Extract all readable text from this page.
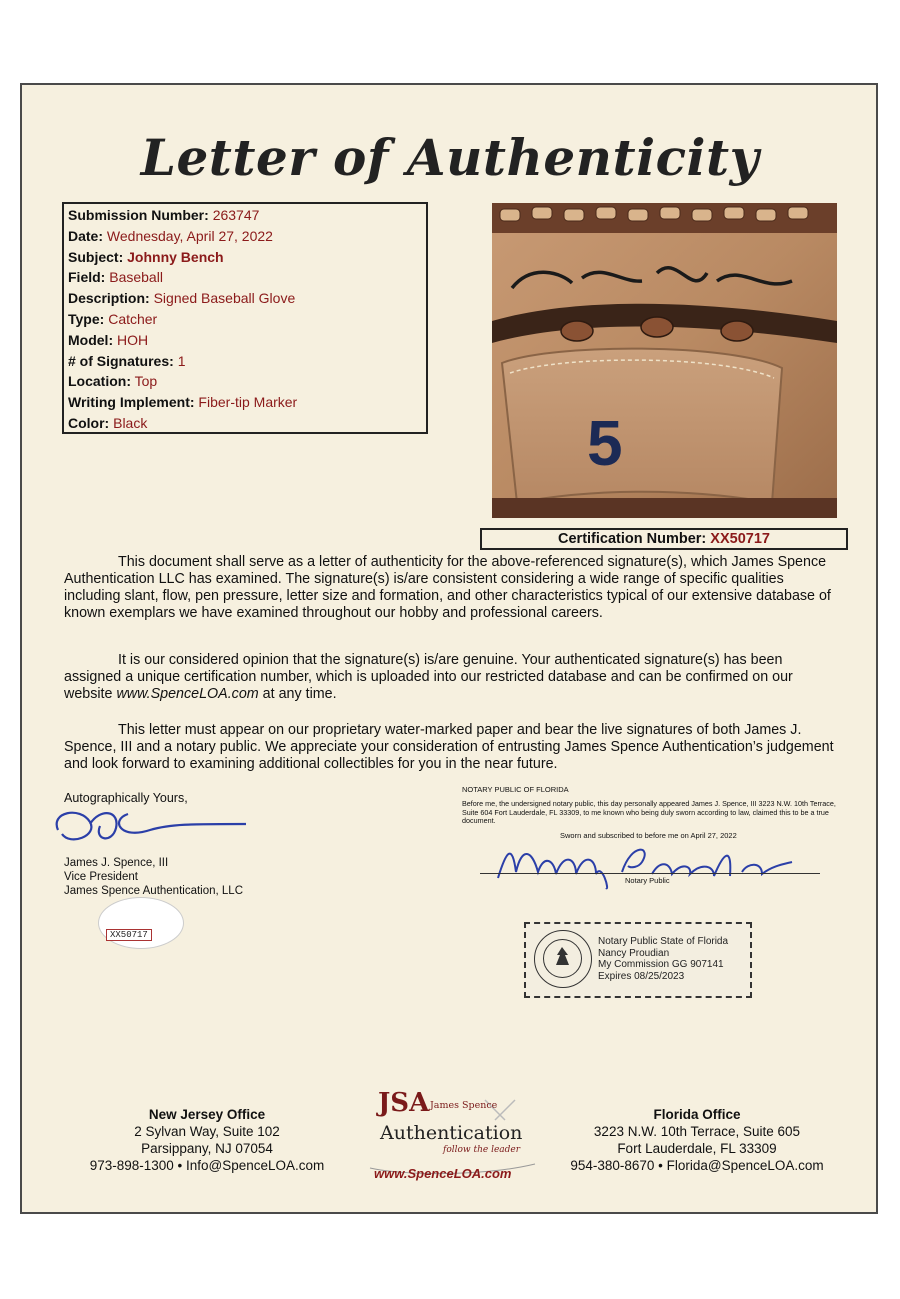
Letter of Authenticity
Submission Number: 263747
Date: Wednesday, April 27, 2022
Subject: Johnny Bench
Field: Baseball
Description: Signed Baseball Glove
Type: Catcher
Model: HOH
# of Signatures: 1
Location: Top
Writing Implement: Fiber-tip Marker
Color: Black	5
Certification Number: XX50717
This document shall serve as a letter of authenticity for the above-referenced signature(s), which James Spence Authentication LLC has examined. The signature(s) is/are consistent considering a wide range of specific qualities including slant, flow, pen pressure, letter size and formation, and other characteristics typical of our extensive database of known exemplars we have examined throughout our hobby and professional careers.
It is our considered opinion that the signature(s) is/are genuine. Your authenticated signature(s) has been assigned a unique certification number, which is uploaded into our restricted database and can be confirmed on our website www.SpenceLOA.com at any time.
This letter must appear on our proprietary water-marked paper and bear the live signatures of both James J. Spence, III and a notary public. We appreciate your consideration of entrusting James Spence Authentication’s judgement and look forward to examining additional collectibles for you in the near future.
Autographically Yours,
James J. Spence, III
Vice President
James Spence Authentication, LLC
XX50717
NOTARY PUBLIC OF FLORIDA
Before me, the undersigned notary public, this day personally appeared James J. Spence, III 3223 N.W. 10th Terrace, Suite 604 Fort Lauderdale, FL 33309, to me known who being duly sworn according to law, claimed this to be a true document.
Sworn and subscribed to before me on April 27, 2022
Notary Public
Notary Public State of Florida
Nancy Proudian
My Commission GG 907141
Expires 08/25/2023
New Jersey Office
2 Sylvan Way, Suite 102
Parsippany, NJ 07054
973-898-1300 • Info@SpenceLOA.com
Florida Office
3223 N.W. 10th Terrace, Suite 605
Fort Lauderdale, FL 33309
954-380-8670 • Florida@SpenceLOA.com
JSA James Spence
Authentication
follow the leader
www.SpenceLOA.com
